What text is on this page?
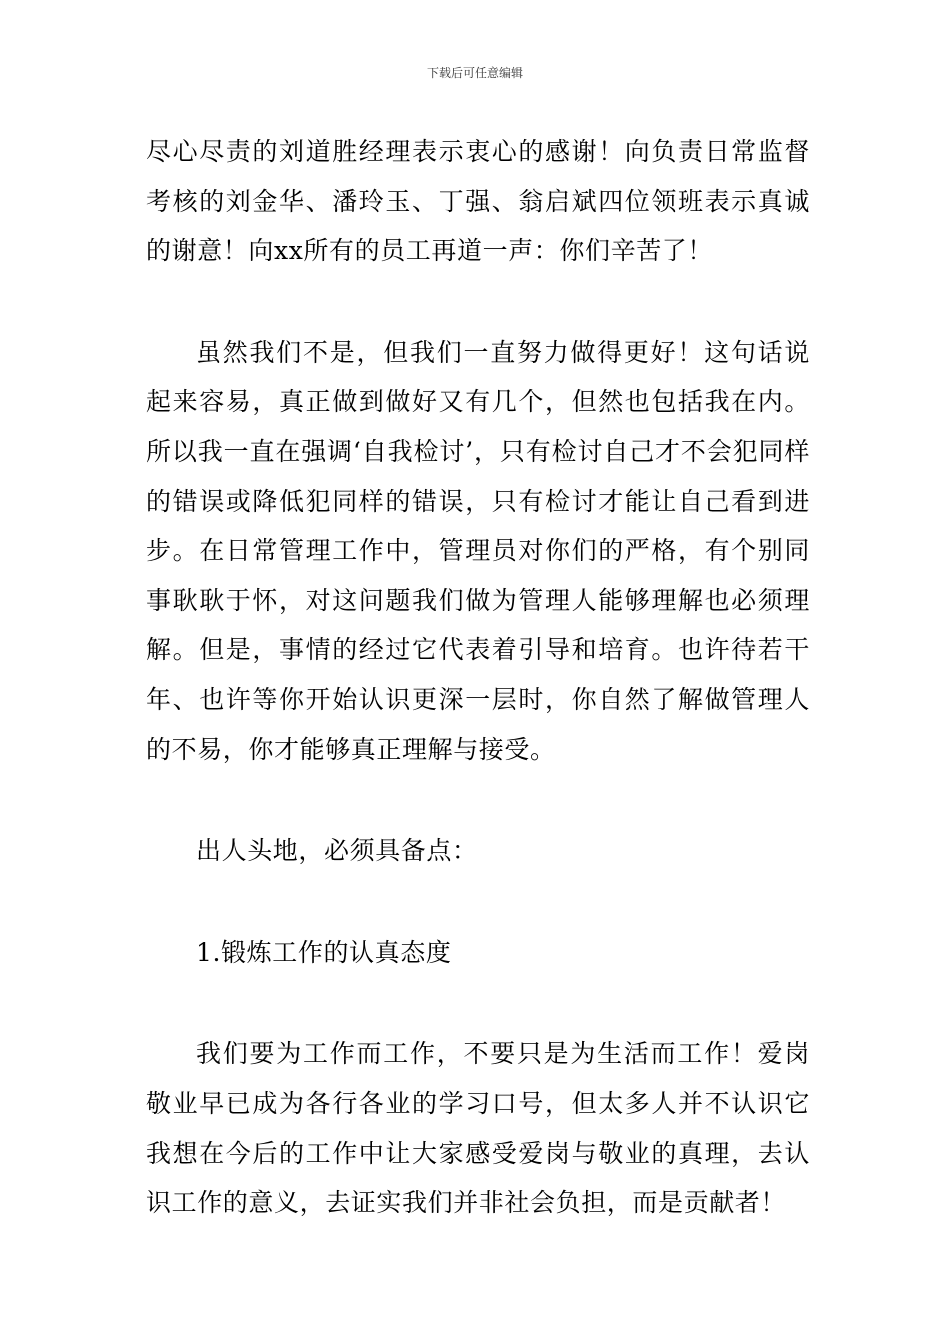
下载后可任意编辑

尽心尽责的刘道胜经理表示衷心的感谢！向负责日常监督考核的刘金华、潘玲玉、丁强、翁启斌四位领班表示真诚的谢意！向xx所有的员工再道一声：你们辛苦了！

虽然我们不是，但我们一直努力做得更好！这句话说起来容易，真正做到做好又有几个，但然也包括我在内。所以我一直在强调‘自我检讨’，只有检讨自己才不会犯同样的错误或降低犯同样的错误，只有检讨才能让自己看到进步。在日常管理工作中，管理员对你们的严格，有个别同事耿耿于怀，对这问题我们做为管理人能够理解也必须理解。但是，事情的经过它代表着引导和培育。也许待若干年、也许等你开始认识更深一层时，你自然了解做管理人的不易，你才能够真正理解与接受。

出人头地，必须具备点：

1.锻炼工作的认真态度

我们要为工作而工作，不要只是为生活而工作！爱岗敬业早已成为各行各业的学习口号，但太多人并不认识它我想在今后的工作中让大家感受爱岗与敬业的真理，去认识工作的意义，去证实我们并非社会负担，而是贡献者！
